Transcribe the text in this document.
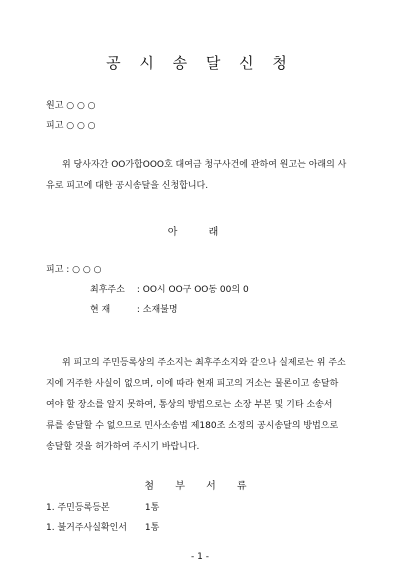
공 시 송 달 신 청
원고 ○ ○ ○
피고 ○ ○ ○
위 당사자간 OO가합OOO호 대여금 청구사건에 관하여 원고는 아래의 사
유로 피고에 대한 공시송달을 신청합니다.
아 래
피고 : ○ ○ ○
최후주소 : OO시 OO구 OO동 00의 0
현 재	: 소재불명
위 피고의 주민등록상의 주소지는 최후주소지와 같으나 실제로는 위 주소
지에 거주한 사실이 없으며, 이에 따라 현재 피고의 거소는 물론이고 송달하
여야 할 장소를 알지 못하여, 통상의 방법으로는 소장 부본 및 기타 소송서
류를 송달할 수 없으므로 민사소송법 제180조 소정의 공시송달의 방법으로
송달할 것을 허가하여 주시기 바랍니다.
첨 부 서 류
1. 주민등록등본	1통
1. 불거주사실확인서 1통
- 1 -
